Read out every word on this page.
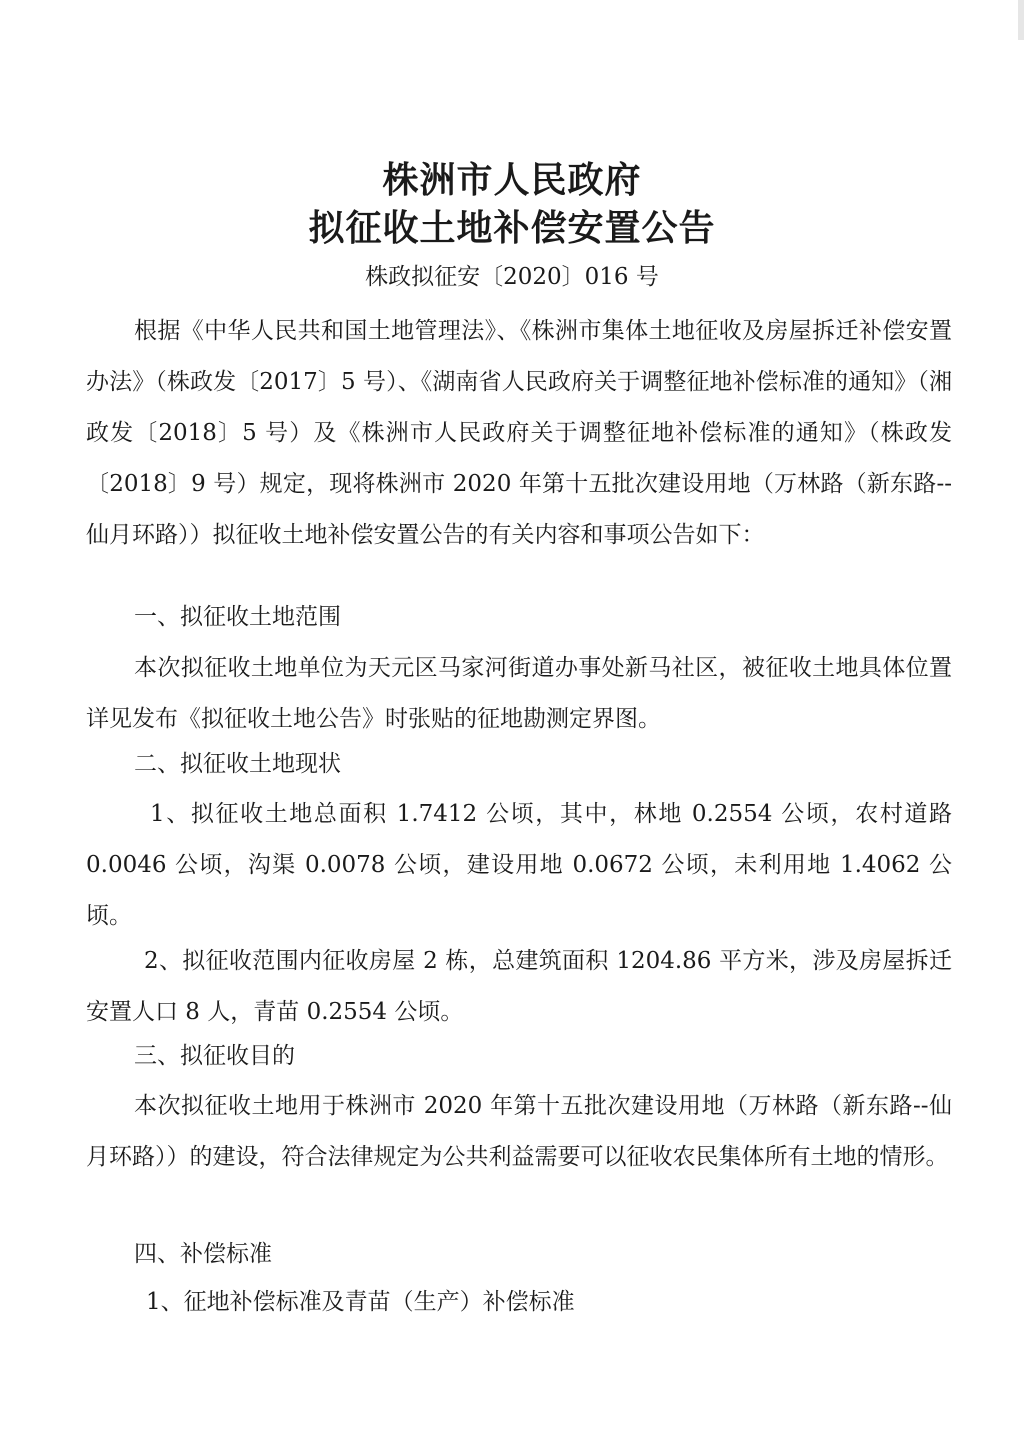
株洲市人民政府
拟征收土地补偿安置公告
株政拟征安〔2020〕016 号

根据《中华人民共和国土地管理法》、《株洲市集体土地征收及房屋拆迁补偿安置办法》（株政发〔2017〕5 号）、《湖南省人民政府关于调整征地补偿标准的通知》（湘政发〔2018〕5 号）及《株洲市人民政府关于调整征地补偿标准的通知》（株政发〔2018〕9 号）规定，现将株洲市 2020 年第十五批次建设用地（万林路（新东路--仙月环路））拟征收土地补偿安置公告的有关内容和事项公告如下：

一、拟征收土地范围

本次拟征收土地单位为天元区马家河街道办事处新马社区，被征收土地具体位置详见发布《拟征收土地公告》时张贴的征地勘测定界图。

二、拟征收土地现状

1、拟征收土地总面积 1.7412 公顷，其中，林地 0.2554 公顷，农村道路 0.0046 公顷，沟渠 0.0078 公顷，建设用地 0.0672 公顷，未利用地 1.4062 公顷。

2、拟征收范围内征收房屋 2 栋，总建筑面积 1204.86 平方米，涉及房屋拆迁安置人口 8 人，青苗 0.2554 公顷。

三、拟征收目的

本次拟征收土地用于株洲市 2020 年第十五批次建设用地（万林路（新东路--仙月环路））的建设，符合法律规定为公共利益需要可以征收农民集体所有土地的情形。

四、补偿标准

1、征地补偿标准及青苗（生产）补偿标准
